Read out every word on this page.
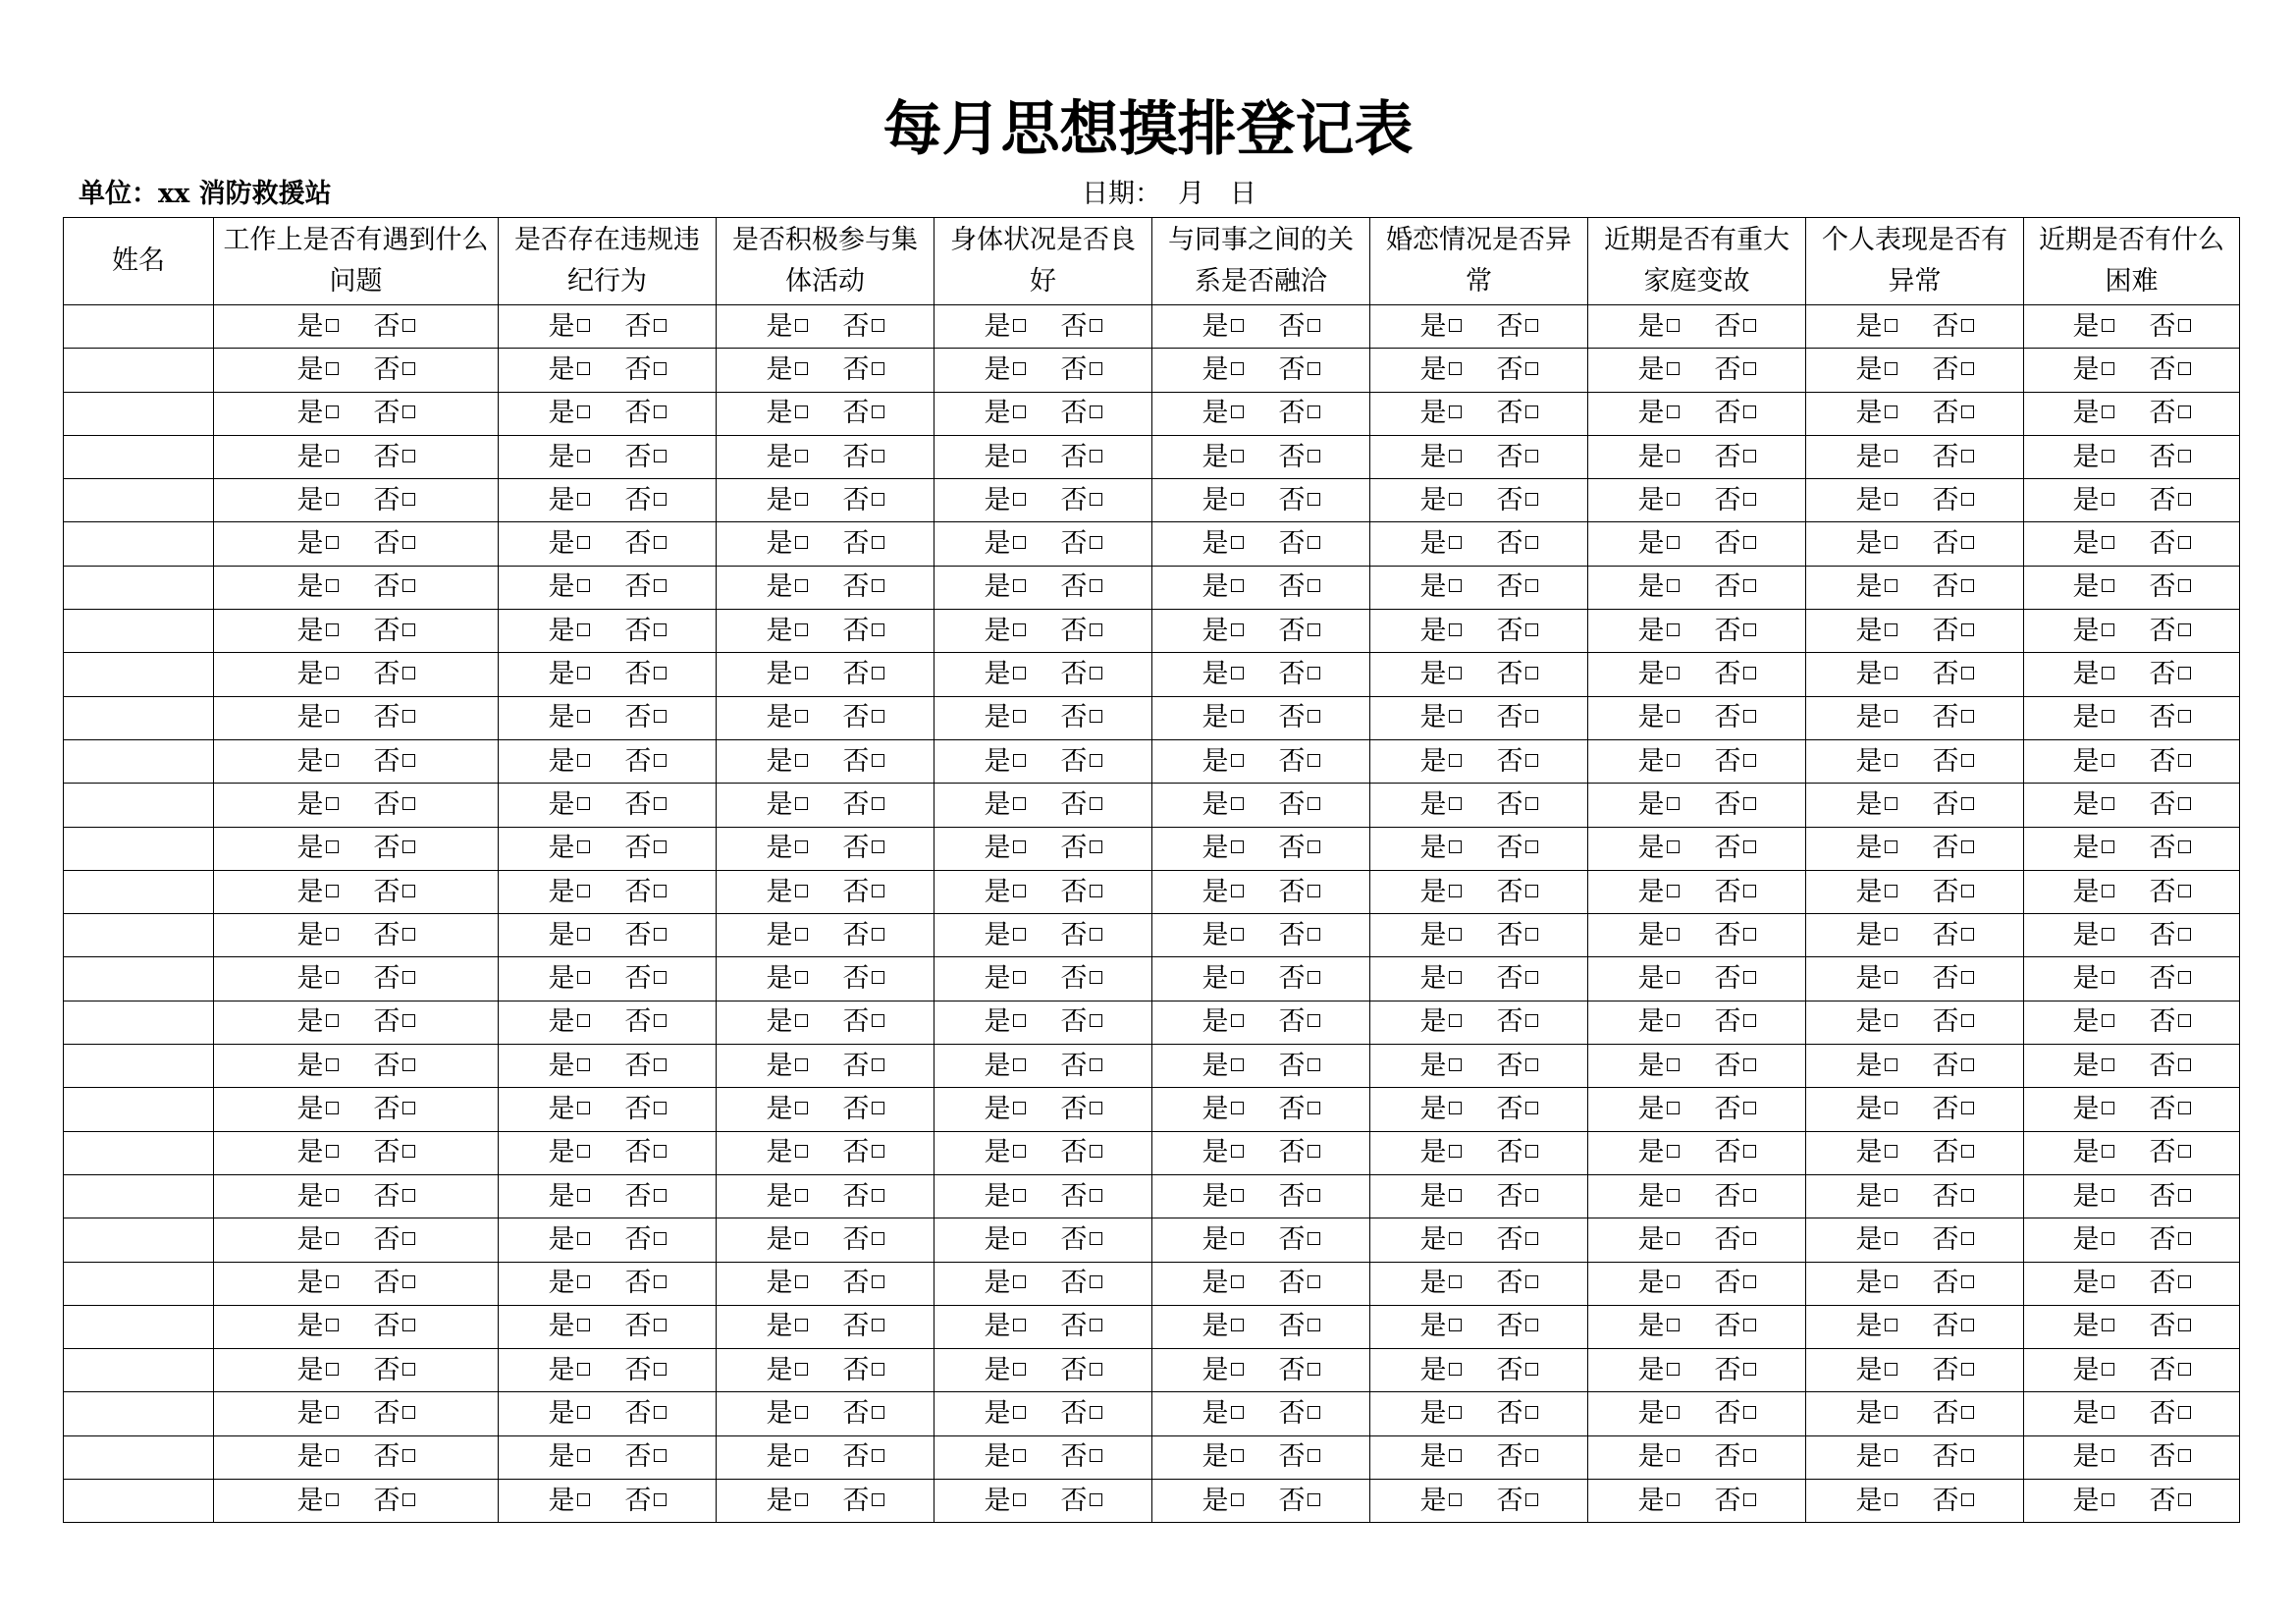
每月思想摸排登记表
单位：xx 消防救援站	日期：  月   日
姓名	工作上是否有遇到什么问题	是否存在违规违纪行为	是否积极参与集体活动	身体状况是否良好	与同事之间的关系是否融洽	婚恋情况是否异常	近期是否有重大家庭变故	个人表现是否有异常	近期是否有什么困难

	是 否	是 否	是 否	是 否	是 否	是 否	是 否	是 否	是 否
	是 否	是 否	是 否	是 否	是 否	是 否	是 否	是 否	是 否
	是 否	是 否	是 否	是 否	是 否	是 否	是 否	是 否	是 否
	是 否	是 否	是 否	是 否	是 否	是 否	是 否	是 否	是 否
	是 否	是 否	是 否	是 否	是 否	是 否	是 否	是 否	是 否
	是 否	是 否	是 否	是 否	是 否	是 否	是 否	是 否	是 否
	是 否	是 否	是 否	是 否	是 否	是 否	是 否	是 否	是 否
	是 否	是 否	是 否	是 否	是 否	是 否	是 否	是 否	是 否
	是 否	是 否	是 否	是 否	是 否	是 否	是 否	是 否	是 否
	是 否	是 否	是 否	是 否	是 否	是 否	是 否	是 否	是 否
	是 否	是 否	是 否	是 否	是 否	是 否	是 否	是 否	是 否
	是 否	是 否	是 否	是 否	是 否	是 否	是 否	是 否	是 否
	是 否	是 否	是 否	是 否	是 否	是 否	是 否	是 否	是 否
	是 否	是 否	是 否	是 否	是 否	是 否	是 否	是 否	是 否
	是 否	是 否	是 否	是 否	是 否	是 否	是 否	是 否	是 否
	是 否	是 否	是 否	是 否	是 否	是 否	是 否	是 否	是 否
	是 否	是 否	是 否	是 否	是 否	是 否	是 否	是 否	是 否
	是 否	是 否	是 否	是 否	是 否	是 否	是 否	是 否	是 否
	是 否	是 否	是 否	是 否	是 否	是 否	是 否	是 否	是 否
	是 否	是 否	是 否	是 否	是 否	是 否	是 否	是 否	是 否
	是 否	是 否	是 否	是 否	是 否	是 否	是 否	是 否	是 否
	是 否	是 否	是 否	是 否	是 否	是 否	是 否	是 否	是 否
	是 否	是 否	是 否	是 否	是 否	是 否	是 否	是 否	是 否
	是 否	是 否	是 否	是 否	是 否	是 否	是 否	是 否	是 否
	是 否	是 否	是 否	是 否	是 否	是 否	是 否	是 否	是 否
	是 否	是 否	是 否	是 否	是 否	是 否	是 否	是 否	是 否
	是 否	是 否	是 否	是 否	是 否	是 否	是 否	是 否	是 否
	是 否	是 否	是 否	是 否	是 否	是 否	是 否	是 否	是 否
